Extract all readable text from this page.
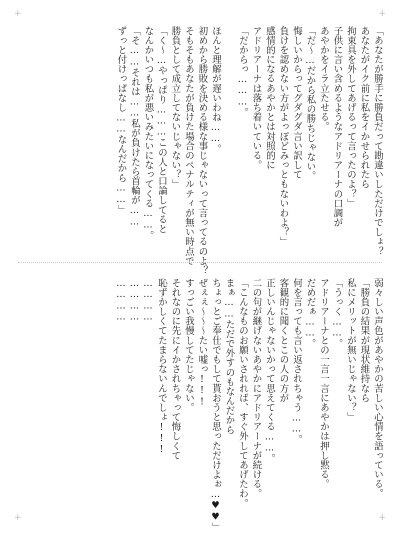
+	+
+	+
「あなたが勝手に勝負だって勘違いしただけでしょ？
あなたがイク前に私をイかせられたら
拘束具を外してあげるって言ったのよ？」
子供に言い含めるようなアドリアーナの口調が
あやかをイラ立たせる。
「だ〜…だから私の勝ちじゃない。
悔しいからってグダグダ言い訳して
負けを認めない方がよっぽどみっともないわよ？」
感情的になるあやかとは対照的に
アドリアーナは落ち着いている。
「だからっ………。
ほんと理解が遅いわね……。
初めから勝敗を決める様な事じゃないって言ってるのよ？
そもそもあなたが負けた場合のペナルティが無い時点で
勝負として成立してないじゃない？」
「く〜…やっぱり………この人と口論してると
なんかいつも私が悪いみたいになってくる……。
「そ……それは……私が負けたら首輪が……
ずっと付けっぱなし……なんだから……」
弱々しい声色があやかの苦しい心情を語っている。
「勝負の結果が現状維持なら
私にメリットが無いじゃない？」
「うっく……。
アドリアーナとの一言一言にあやかは押し黙る。
だめだぁ……。
何を言っても言い返されちゃう……。
客観的に聞くとこの人の方が
正しいんじゃないかって思えてくる……。
二の句が継げないあやかにアドリアーナが続ける。
「こんなものお願いされれば、すぐ外してあげたわ。
まぁ……ただで外すのもなんだから
ちょっとご奉仕でもして貰おうと思っただけよぉ…♥♥」
ぜぇぇ〜〜〜たい嘘っ!!!
すっごい我慢してたじゃない。
それなのに先にイかされちゃって悔しくて
恥ずかしくてたまらないんでしょ!!!
…………
…………
…………
